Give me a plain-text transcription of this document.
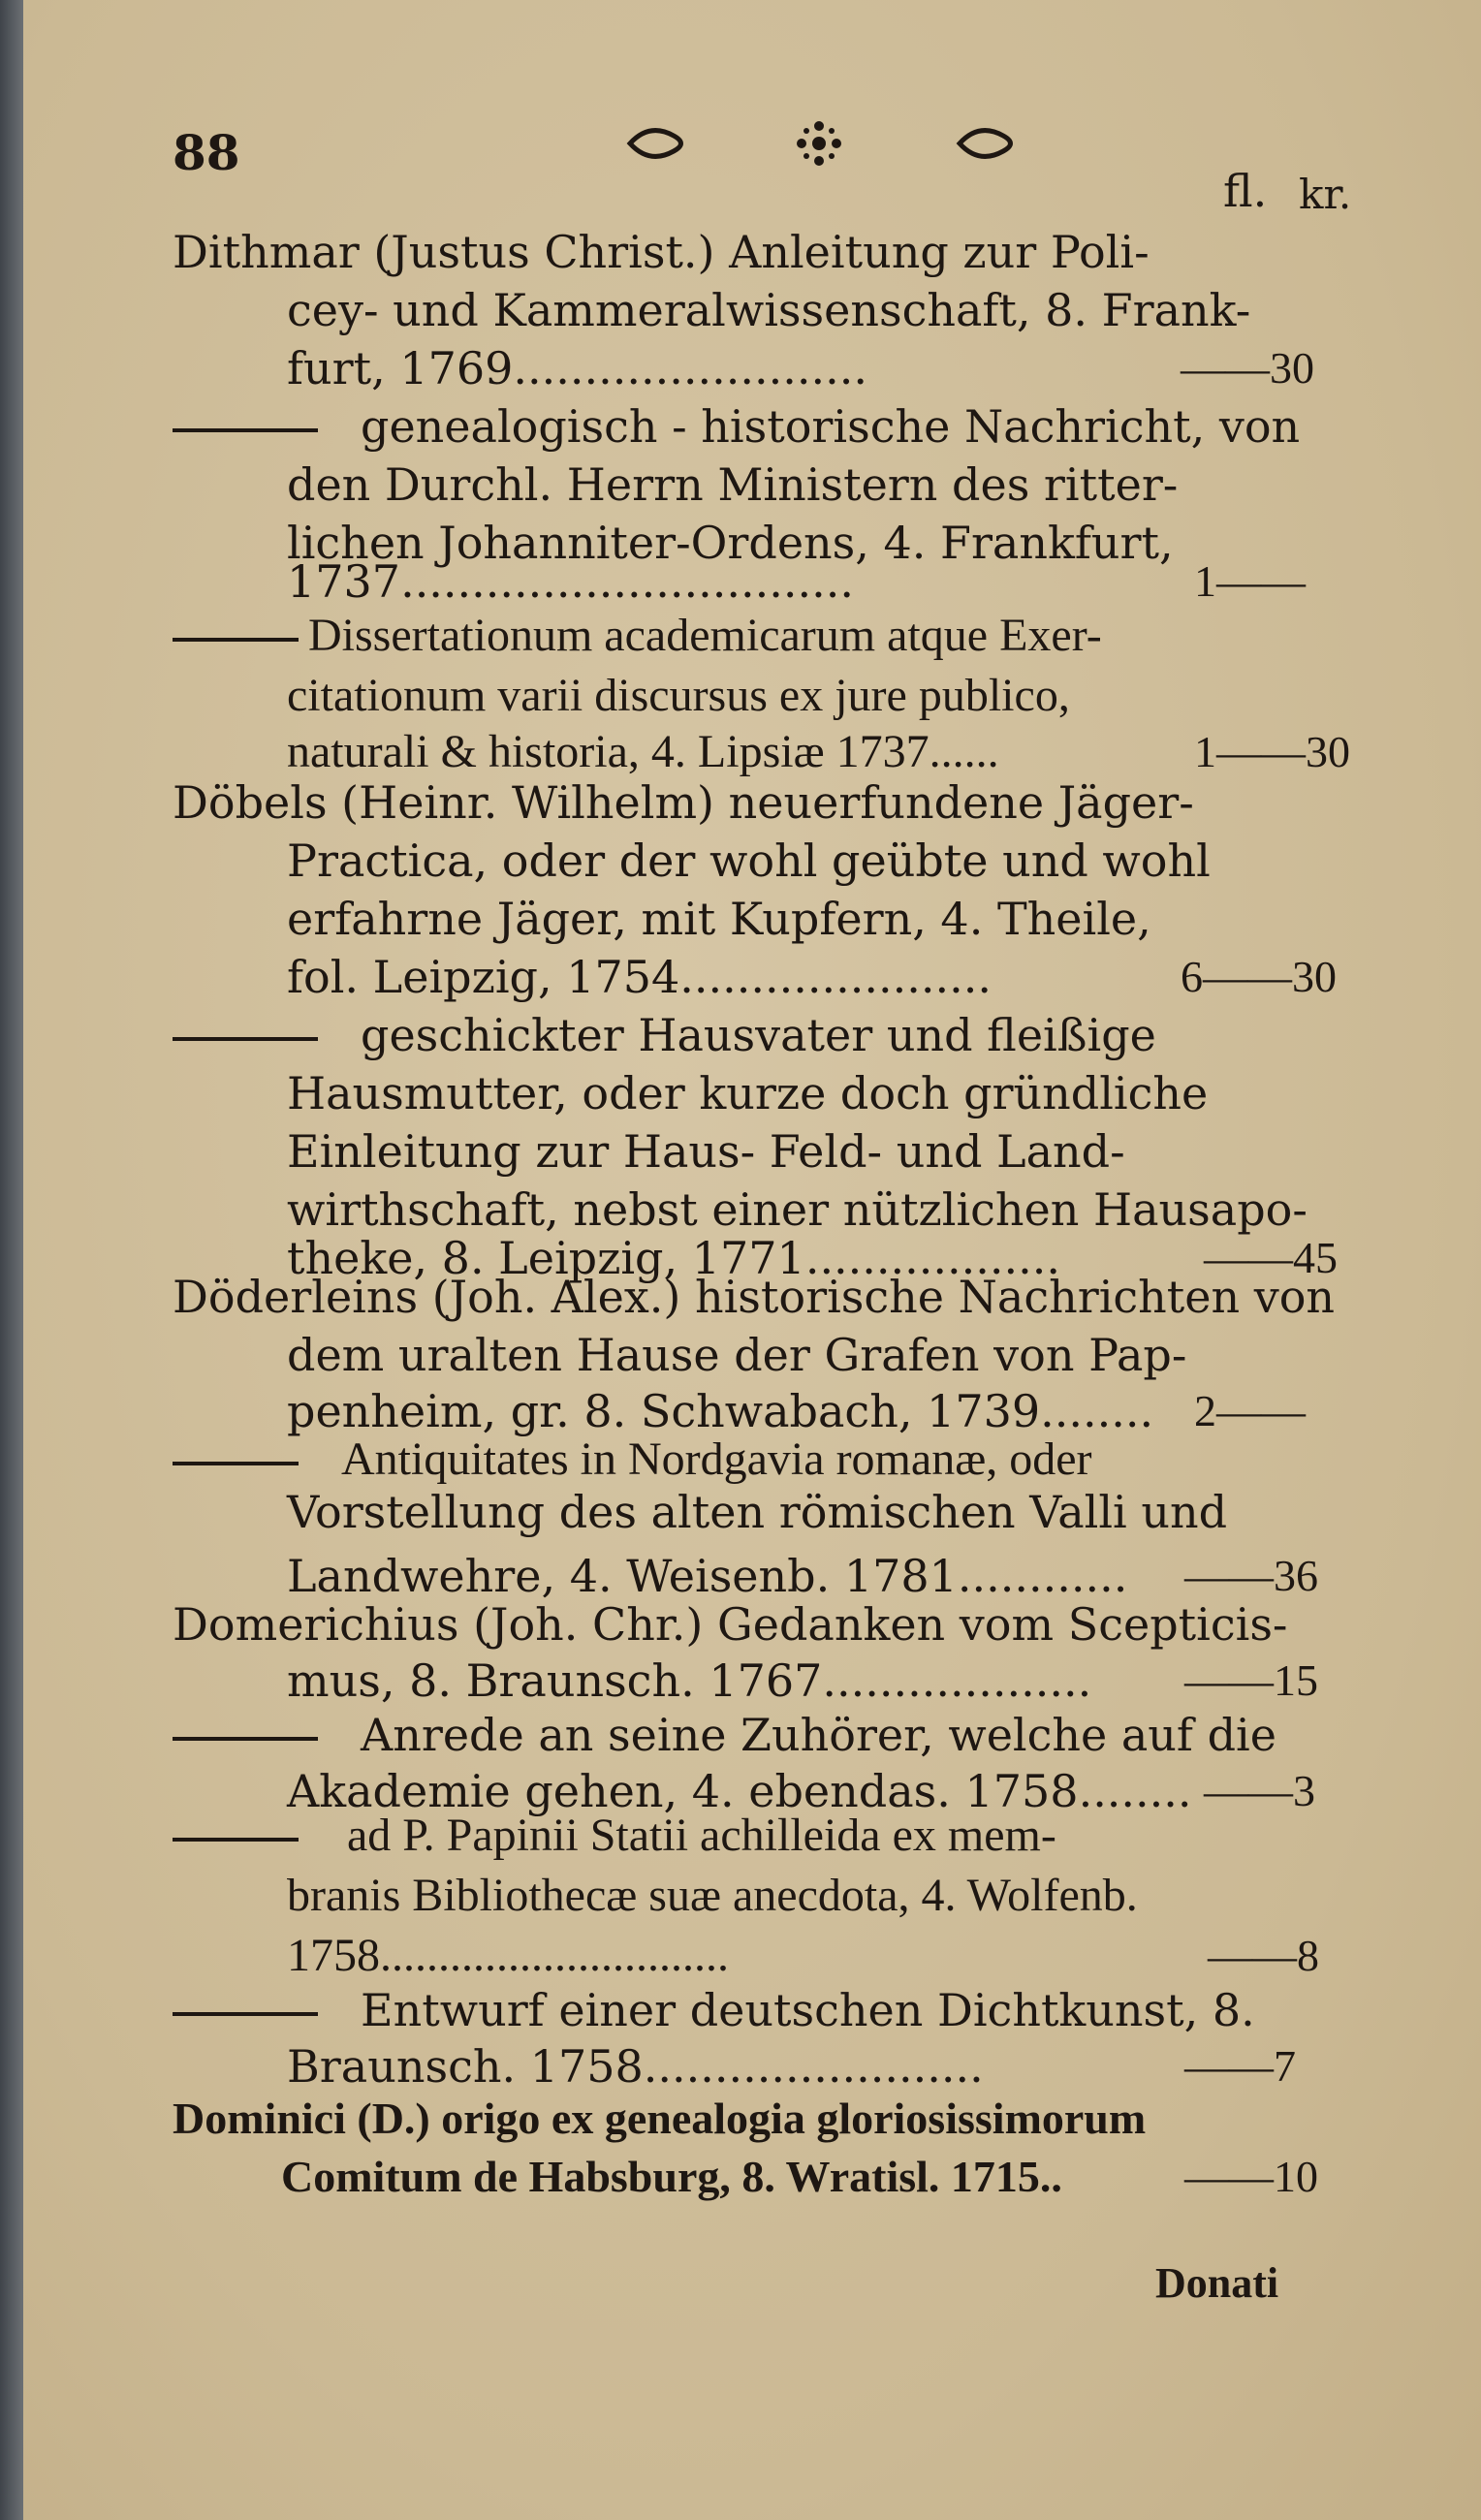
88
fl. kr.
Dithmar (Justus Christ.) Anleitung zur Poli-
cey- und Kammeralwissenschaft, 8. Frank-
furt, 1769.........................	——30
genealogisch - historische Nachricht, von
den Durchl. Herrn Ministern des ritter-
lichen Johanniter-Ordens, 4. Frankfurt,
1737................................	1——
Dissertationum academicarum atque Exer-
citationum varii discursus ex jure publico,
naturali & historia, 4. Lipsiæ 1737......	1——30
Döbels (Heinr. Wilhelm) neuerfundene Jäger-
Practica, oder der wohl geübte und wohl
erfahrne Jäger, mit Kupfern, 4. Theile,
fol. Leipzig, 1754......................	6——30
geschickter Hausvater und fleißige
Hausmutter, oder kurze doch gründliche
Einleitung zur Haus- Feld- und Land-
wirthschaft, nebst einer nützlichen Hausapo-
theke, 8. Leipzig, 1771..................	——45
Döderleins (Joh. Alex.) historische Nachrichten von
dem uralten Hause der Grafen von Pap-
penheim, gr. 8. Schwabach, 1739........ 2——
Antiquitates in Nordgavia romanæ, oder
Vorstellung des alten römischen Valli und
Landwehre, 4. Weisenb. 1781............ ——36
Domerichius (Joh. Chr.) Gedanken vom Scepticis-
mus, 8. Braunsch. 1767................... ——15
Anrede an seine Zuhörer, welche auf die
Akademie gehen, 4. ebendas. 1758........ ——3
ad P. Papinii Statii achilleida ex mem-
branis Bibliothecæ suæ anecdota, 4. Wolfenb.
1758..............................	——8
Entwurf einer deutschen Dichtkunst, 8.
Braunsch. 1758........................	——7
Dominici (D.) origo ex genealogia gloriosissimorum
Comitum de Habsburg, 8. Wratisl. 1715..	——10
Donati
